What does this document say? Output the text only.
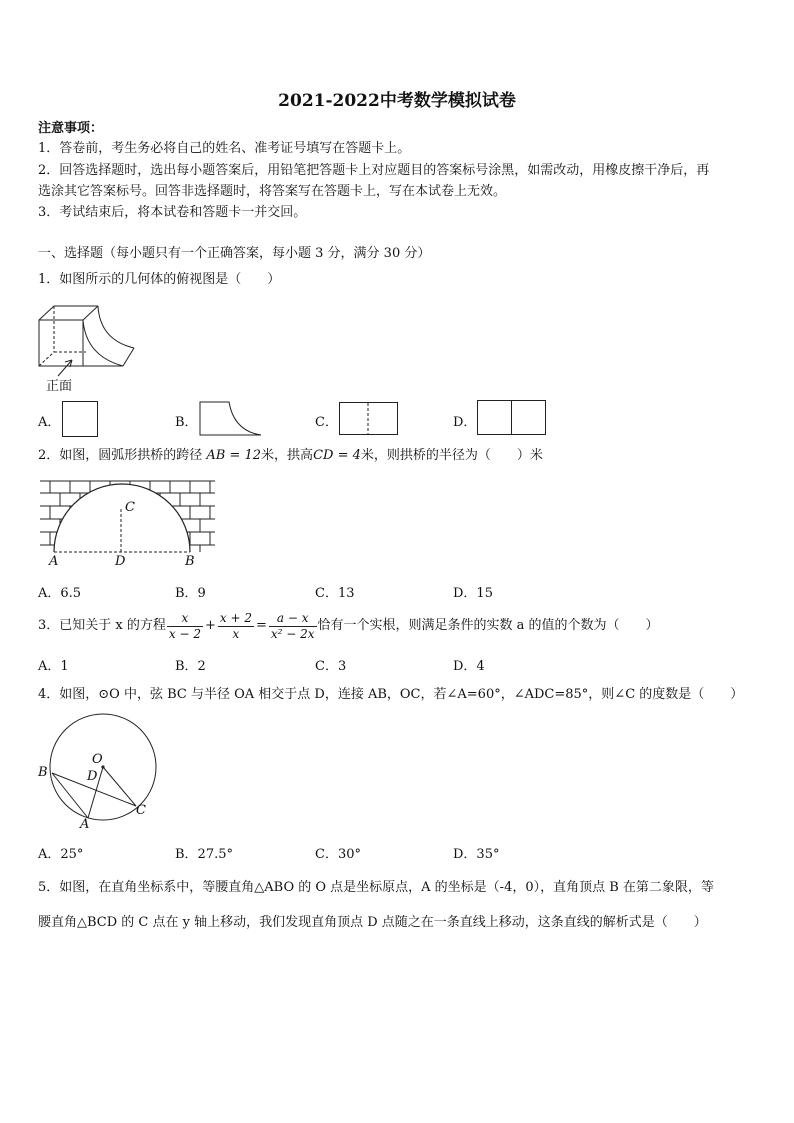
2021-2022中考数学模拟试卷
注意事项：
1．答卷前，考生务必将自己的姓名、准考证号填写在答题卡上。
2．回答选择题时，选出每小题答案后，用铅笔把答题卡上对应题目的答案标号涂黑，如需改动，用橡皮擦干净后，再
选涂其它答案标号。回答非选择题时，将答案写在答题卡上，写在本试卷上无效。
3．考试结束后，将本试卷和答题卡一并交回。
一、选择题（每小题只有一个正确答案，每小题 3 分，满分 30 分）
1．如图所示的几何体的俯视图是（　　）
正面
A．	B．	C．	D．
2．如图，圆弧形拱桥的跨径 AB = 12米，拱高CD = 4米，则拱桥的半径为（　　）米
C
A	D	B
A．6.5	B．9	C．13	D．15
3．已知关于 x 的方程 $\frac{x}{x - 2} + \frac{x + 2}{x} = \frac{a - x}{\text{x² − 2x}}$ 恰有一个实根，则满足条件的实数 a 的值的个数为（　　）
A．1	B．2	C．3	D．4
4．如图，⊙O 中，弦 BC 与半径 OA 相交于点 D，连接 AB，OC，若∠A=60°，∠ADC=85°，则∠C 的度数是（　　）
O
B	D
C
A
A．25°	B．27.5°	C．30°	D．35°
5．如图，在直角坐标系中，等腰直角△ABO 的 O 点是坐标原点，A 的坐标是（-4，0），直角顶点 B 在第二象限，等
腰直角△BCD 的 C 点在 y 轴上移动，我们发现直角顶点 D 点随之在一条直线上移动，这条直线的解析式是（　　）
